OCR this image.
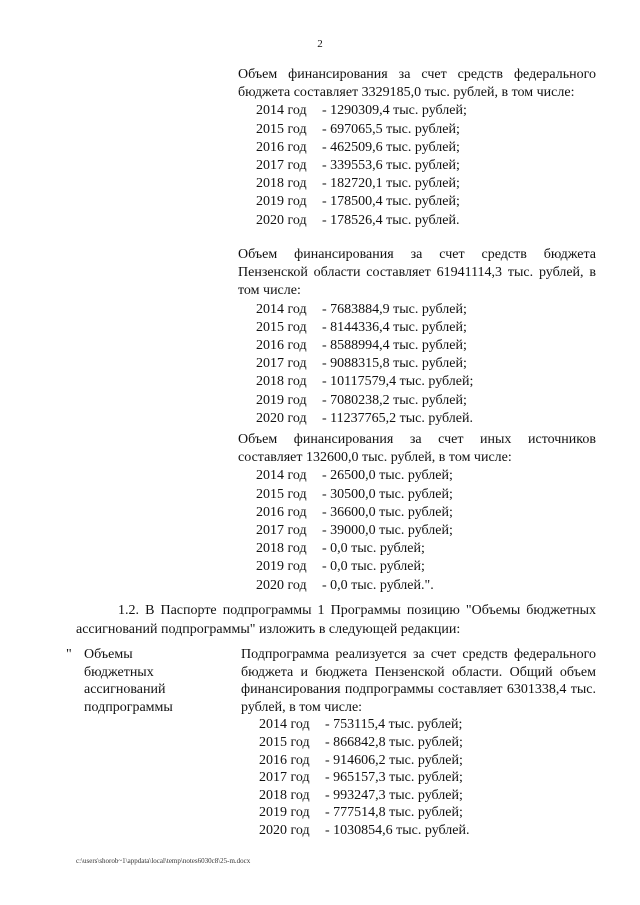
2
Объем финансирования за счет средств федерального бюджета составляет 3329185,0 тыс. рублей, в том числе:
2014 год - 1290309,4 тыс. рублей;
2015 год - 697065,5 тыс. рублей;
2016 год - 462509,6 тыс. рублей;
2017 год - 339553,6 тыс. рублей;
2018 год - 182720,1 тыс. рублей;
2019 год - 178500,4 тыс. рублей;
2020 год - 178526,4 тыс. рублей.
Объем финансирования за счет средств бюджета Пензенской области составляет 61941114,3 тыс. рублей, в том числе:
2014 год - 7683884,9 тыс. рублей;
2015 год - 8144336,4 тыс. рублей;
2016 год - 8588994,4 тыс. рублей;
2017 год - 9088315,8 тыс. рублей;
2018 год - 10117579,4 тыс. рублей;
2019 год - 7080238,2 тыс. рублей;
2020 год - 11237765,2 тыс. рублей.
Объем финансирования за счет иных источников составляет 132600,0 тыс. рублей, в том числе:
2014 год - 26500,0 тыс. рублей;
2015 год - 30500,0 тыс. рублей;
2016 год - 36600,0 тыс. рублей;
2017 год - 39000,0 тыс. рублей;
2018 год - 0,0 тыс. рублей;
2019 год - 0,0 тыс. рублей;
2020 год - 0,0 тыс. рублей.".
1.2. В Паспорте подпрограммы 1 Программы позицию "Объемы бюджетных ассигнований подпрограммы" изложить в следующей редакции:
" Объемы
бюджетных
ассигнований
подпрограммы
Подпрограмма реализуется за счет средств федерального бюджета и бюджета Пензенской области. Общий объем финансирования подпрограммы составляет 6301338,4 тыс. рублей, в том числе:
2014 год - 753115,4 тыс. рублей;
2015 год - 866842,8 тыс. рублей;
2016 год - 914606,2 тыс. рублей;
2017 год - 965157,3 тыс. рублей;
2018 год - 993247,3 тыс. рублей;
2019 год - 777514,8 тыс. рублей;
2020 год - 1030854,6 тыс. рублей.
c:\users\shorob~1\appdata\local\temp\notes6030c8\25-m.docx
